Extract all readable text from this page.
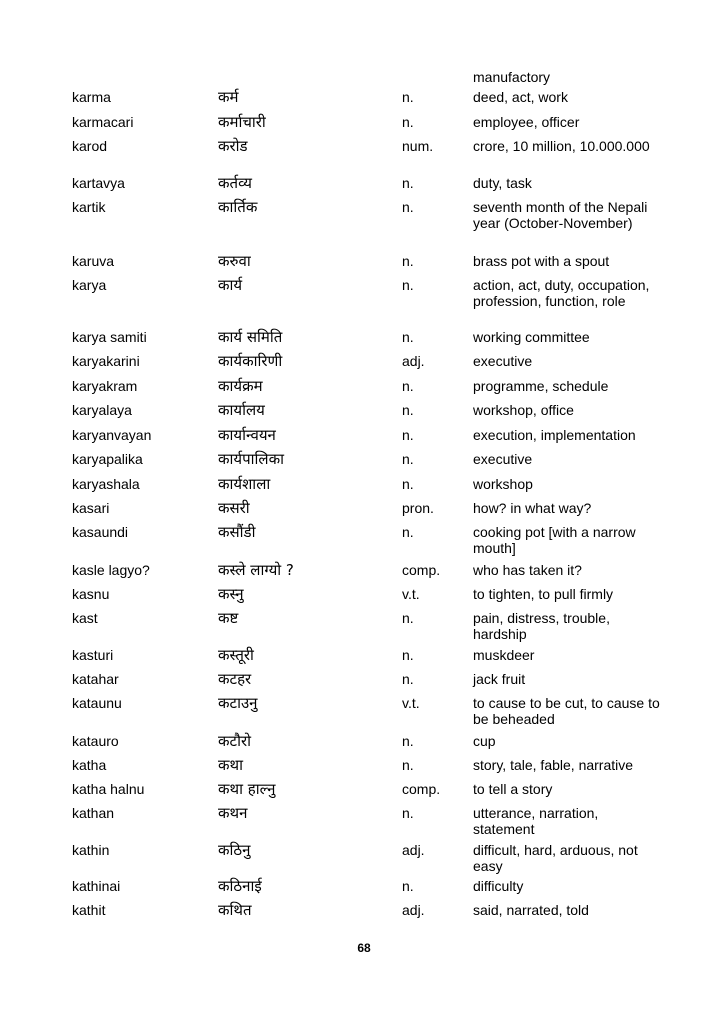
manufactory
karma	कर्म	n.	deed, act, work
karmacari	कर्माचारी	n.	employee, officer
karod	करोड	num.	crore, 10 million, 10.000.000
kartavya	कर्तव्य	n.	duty, task
kartik	कार्तिक	n.	seventh month of the Nepali year (October-November)
karuva	करुवा	n.	brass pot with a spout
karya	कार्य	n.	action, act, duty, occupation, profession, function, role
karya samiti	कार्य समिति	n.	working committee
karyakarini	कार्यकारिणी	adj.	executive
karyakram	कार्यक्रम	n.	programme, schedule
karyalaya	कार्यालय	n.	workshop, office
karyanvayan	कार्यान्वयन	n.	execution, implementation
karyapalika	कार्यपालिका	n.	executive
karyashala	कार्यशाला	n.	workshop
kasari	कसरी	pron.	how? in what way?
kasaundi	कसौंडी	n.	cooking pot [with a narrow mouth]
kasle lagyo?	कस्ले लाग्यो ?	comp. who has taken it?
kasnu	कस्नु	v.t.	to tighten, to pull firmly
kast	कष्ट	n.	pain, distress, trouble, hardship
kasturi	कस्तूरी	n.	muskdeer
katahar	कटहर	n.	jack fruit
kataunu	कटाउनु	v.t.	to cause to be cut, to cause to be beheaded
katauro	कटौरो	n.	cup
katha	कथा	n.	story, tale, fable, narrative
katha halnu	कथा हाल्नु	comp. to tell a story
kathan	कथन	n.	utterance, narration, statement
kathin	कठिनु	adj.	difficult, hard, arduous, not easy
kathinai	कठिनाई	n.	difficulty
kathit	कथित	adj.	said, narrated, told
68
